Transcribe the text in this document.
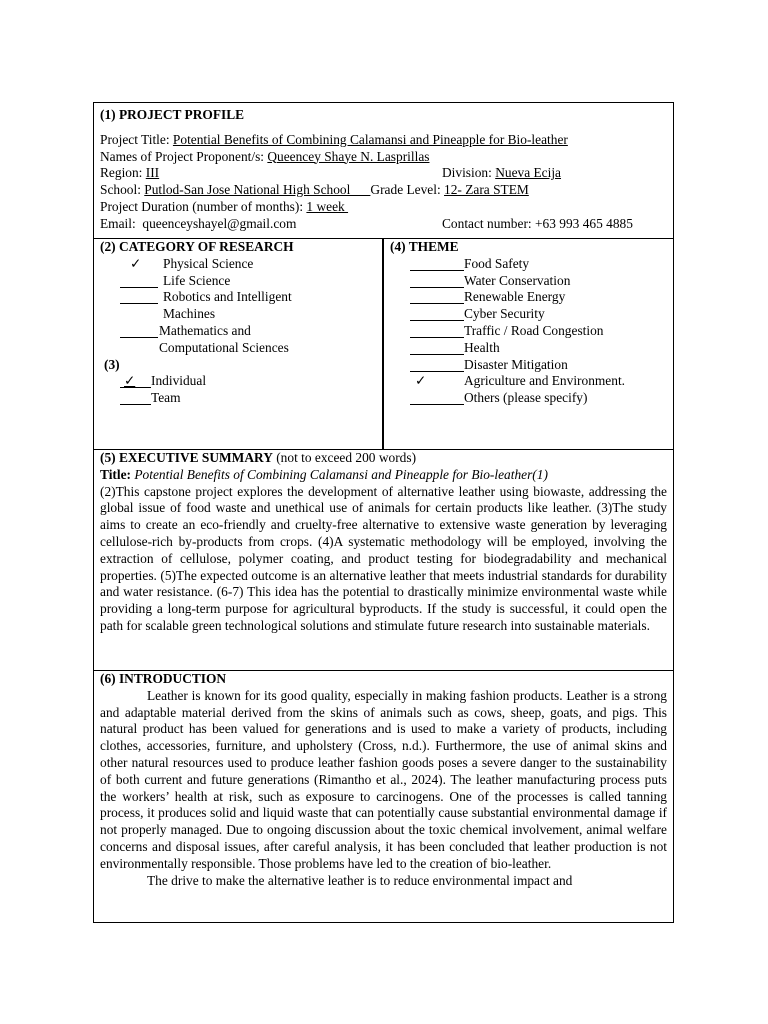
(1) PROJECT PROFILE
Project Title: Potential Benefits of Combining Calamansi and Pineapple for Bio-leather
Names of Project Proponent/s: Queencey Shaye N. Lasprillas
Region: III	Division: Nueva Ecija
School: Putlod-San Jose National High School      Grade Level: 12- Zara STEM
Project Duration (number of months): 1 week
Email:  queenceyshayel@gmail.com	Contact number: +63 993 465 4885
(2) CATEGORY OF RESEARCH
✓ Physical Science
Life Science
Robotics and Intelligent
Machines
Mathematics and
Computational Sciences
(3)
✓ Individual
Team
(4) THEME
Food Safety
Water Conservation
Renewable Energy
Cyber Security
Traffic / Road Congestion
Health
Disaster Mitigation
✓	Agriculture and Environment.
Others (please specify)

(5) EXECUTIVE SUMMARY (not to exceed 200 words)

Title: Potential Benefits of Combining Calamansi and Pineapple for Bio-leather(1)

(2)This capstone project explores the development of alternative leather using biowaste, addressing the global issue of food waste and unethical use of animals for certain products like leather. (3)The study aims to create an eco-friendly and cruelty-free alternative to extensive waste generation by leveraging cellulose-rich by-products from crops. (4)A systematic methodology will be employed, involving the extraction of cellulose, polymer coating, and product testing for biodegradability and mechanical properties. (5)The expected outcome is an alternative leather that meets industrial standards for durability and water resistance. (6-7) This idea has the potential to drastically minimize environmental waste while providing a long-term purpose for agricultural byproducts. If the study is successful, it could open the path for scalable green technological solutions and stimulate future research into sustainable materials.

(6) INTRODUCTION

Leather is known for its good quality, especially in making fashion products. Leather is a strong and adaptable material derived from the skins of animals such as cows, sheep, goats, and pigs. This natural product has been valued for generations and is used to make a variety of products, including clothes, accessories, furniture, and upholstery (Cross, n.d.). Furthermore, the use of animal skins and other natural resources used to produce leather fashion goods poses a severe danger to the sustainability of both current and future generations (Rimantho et al., 2024). The leather manufacturing process puts the workers’ health at risk, such as exposure to carcinogens. One of the processes is called tanning process, it produces solid and liquid waste that can potentially cause substantial environmental damage if not properly managed. Due to ongoing discussion about the toxic chemical involvement, animal welfare concerns and disposal issues, after careful analysis, it has been concluded that leather production is not environmentally responsible. Those problems have led to the creation of bio-leather.

The drive to make the alternative leather is to reduce environmental impact and
